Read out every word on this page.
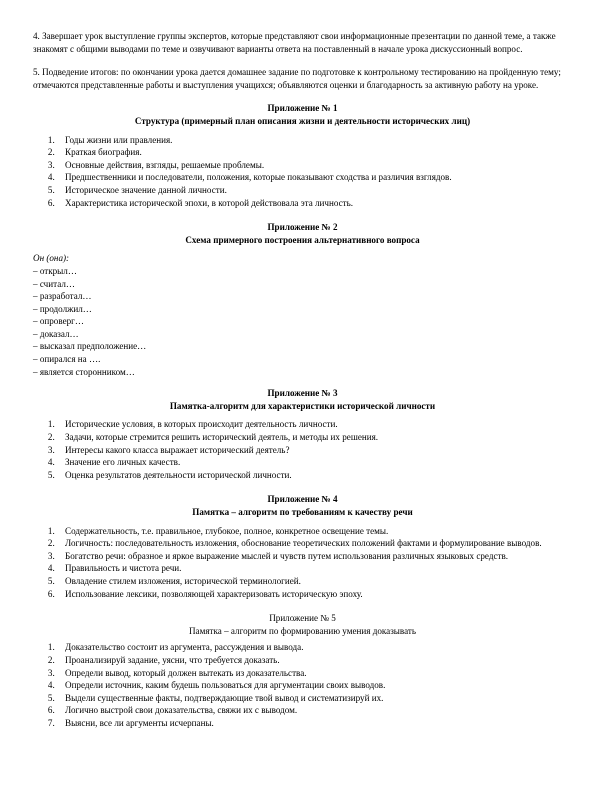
4. Завершает урок выступление группы экспертов, которые представляют свои информационные презентации по данной теме, а также знакомят с общими выводами по теме и озвучивают варианты ответа на поставленный в начале урока дискуссионный вопрос.

5. Подведение итогов: по окончании урока дается домашнее задание по подготовке к контрольному тестированию на пройденную тему; отмечаются представленные работы и выступления учащихся; объявляются оценки и благодарность за активную работу на уроке.

Приложение № 1

Структура (примерный план описания жизни и деятельности исторических лиц)

1. Годы жизни или правления.
2. Краткая биография.
3. Основные действия, взгляды, решаемые проблемы.
4. Предшественники и последователи, положения, которые показывают сходства и различия взглядов.
5. Историческое значение данной личности.
6. Характеристика исторической эпохи, в которой действовала эта личность.

Приложение № 2

Схема примерного построения альтернативного вопроса

Он (она):

– открыл…
– считал…
– разработал…
– продолжил…
– опроверг…
– доказал…
– высказал предположение…
– опирался на ….
– является сторонником…

Приложение № 3

Памятка-алгоритм для характеристики исторической личности

1. Исторические условия, в которых происходит деятельность личности.
2. Задачи, которые стремится решить исторический деятель, и методы их решения.
3. Интересы какого класса выражает исторический деятель?
4. Значение его личных качеств.
5. Оценка результатов деятельности исторической личности.

Приложение № 4

Памятка – алгоритм по требованиям к качеству речи

1. Содержательность, т.е. правильное, глубокое, полное, конкретное освещение темы.
2. Логичность: последовательность изложения, обоснование теоретических положений фактами и формулирование выводов.
3. Богатство речи: образное и яркое выражение мыслей и чувств путем использования различных языковых средств.
4. Правильность и чистота речи.
5. Овладение стилем изложения, исторической терминологией.
6. Использование лексики, позволяющей характеризовать историческую эпоху.

Приложение № 5

Памятка – алгоритм по формированию умения доказывать

1. Доказательство состоит из аргумента, рассуждения и вывода.
2. Проанализируй задание, уясни, что требуется доказать.
3. Определи вывод, который должен вытекать из доказательства.
4. Определи источник, каким будешь пользоваться для аргументации своих выводов.
5. Выдели существенные факты, подтверждающие твой вывод и систематизируй их.
6. Логично выстрой свои доказательства, свяжи их с выводом.
7. Выясни, все ли аргументы исчерпаны.
